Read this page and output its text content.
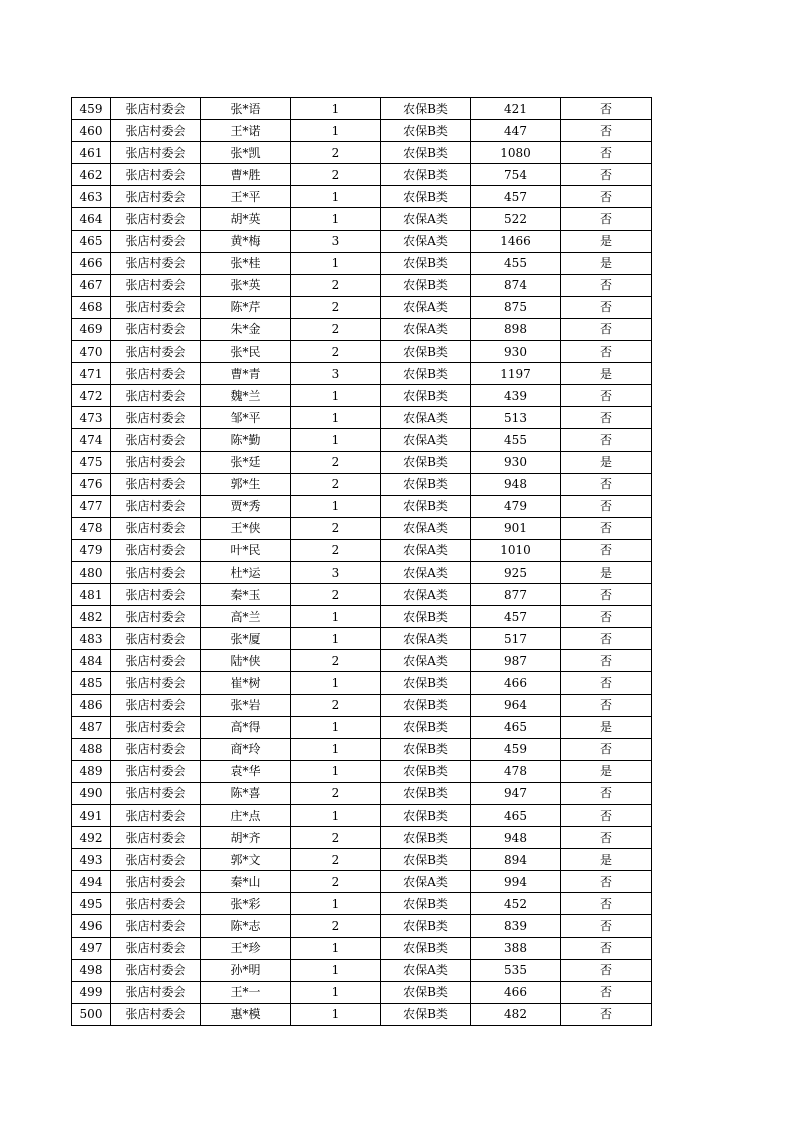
459	张店村委会	张*语	1	农保B类	421	否
460	张店村委会	王*诺	1	农保B类	447	否
461	张店村委会	张*凯	2	农保B类	1080	否
462	张店村委会	曹*胜	2	农保B类	754	否
463	张店村委会	王*平	1	农保B类	457	否
464	张店村委会	胡*英	1	农保A类	522	否
465	张店村委会	黄*梅	3	农保A类	1466	是
466	张店村委会	张*桂	1	农保B类	455	是
467	张店村委会	张*英	2	农保B类	874	否
468	张店村委会	陈*芹	2	农保A类	875	否
469	张店村委会	朱*金	2	农保A类	898	否
470	张店村委会	张*民	2	农保B类	930	否
471	张店村委会	曹*青	3	农保B类	1197	是
472	张店村委会	魏*兰	1	农保B类	439	否
473	张店村委会	邹*平	1	农保A类	513	否
474	张店村委会	陈*勤	1	农保A类	455	否
475	张店村委会	张*廷	2	农保B类	930	是
476	张店村委会	郭*生	2	农保B类	948	否
477	张店村委会	贾*秀	1	农保B类	479	否
478	张店村委会	王*侠	2	农保A类	901	否
479	张店村委会	叶*民	2	农保A类	1010	否
480	张店村委会	杜*运	3	农保A类	925	是
481	张店村委会	秦*玉	2	农保A类	877	否
482	张店村委会	高*兰	1	农保B类	457	否
483	张店村委会	张*厦	1	农保A类	517	否
484	张店村委会	陆*侠	2	农保A类	987	否
485	张店村委会	崔*树	1	农保B类	466	否
486	张店村委会	张*岩	2	农保B类	964	否
487	张店村委会	高*得	1	农保B类	465	是
488	张店村委会	商*玲	1	农保B类	459	否
489	张店村委会	袁*华	1	农保B类	478	是
490	张店村委会	陈*喜	2	农保B类	947	否
491	张店村委会	庄*点	1	农保B类	465	否
492	张店村委会	胡*齐	2	农保B类	948	否
493	张店村委会	郭*文	2	农保B类	894	是
494	张店村委会	秦*山	2	农保A类	994	否
495	张店村委会	张*彩	1	农保B类	452	否
496	张店村委会	陈*志	2	农保B类	839	否
497	张店村委会	王*珍	1	农保B类	388	否
498	张店村委会	孙*明	1	农保A类	535	否
499	张店村委会	王*一	1	农保B类	466	否
500	张店村委会	惠*模	1	农保B类	482	否
